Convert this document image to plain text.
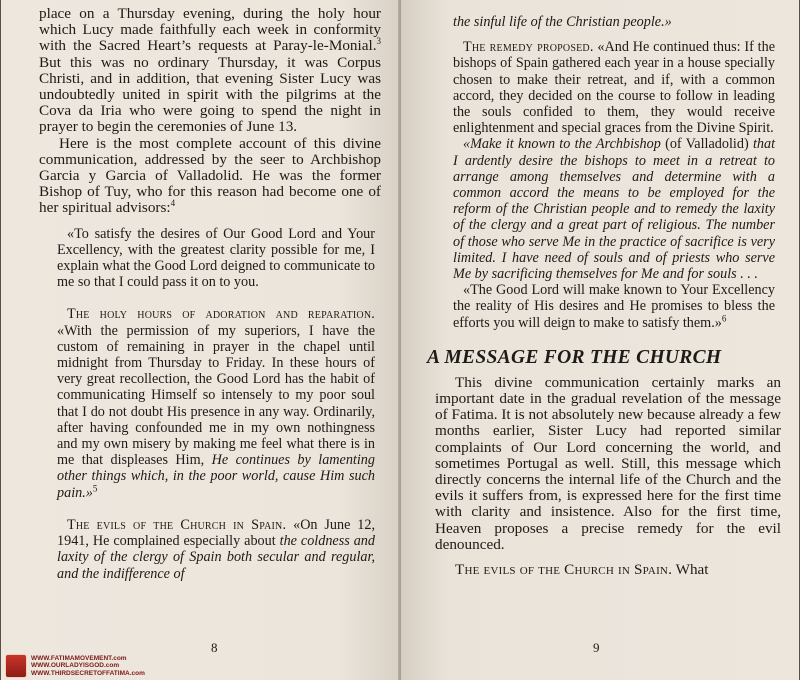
place on a Thursday evening, during the holy hour which Lucy made faithfully each week in conformity with the Sacred Heart’s requests at Paray-le-Monial.$^3$ But this was no ordinary Thursday, it was Corpus Christi, and in addition, that evening Sister Lucy was undoubtedly united in spirit with the pilgrims at the Cova da Iria who were going to spend the night in prayer to begin the ceremonies of June 13.

Here is the most complete account of this divine communication, addressed by the seer to Archbishop Garcia y Garcia of Valladolid. He was the former Bishop of Tuy, who for this reason had become one of her spiritual advisors:$^4$

«To satisfy the desires of Our Good Lord and Your Excellency, with the greatest clarity possible for me, I explain what the Good Lord deigned to communicate to me so that I could pass it on to you.

The holy hours of adoration and reparation. «With the permission of my superiors, I have the custom of remaining in prayer in the chapel until midnight from Thursday to Friday. In these hours of very great recollection, the Good Lord has the habit of communicating Himself so intensely to my poor soul that I do not doubt His presence in any way. Ordinarily, after having confounded me in my own nothingness and my own misery by making me feel what there is in me that displeases Him, He continues by lamenting other things which, in the poor world, cause Him such pain.»$^5$

The evils of the Church in Spain. «On June 12, 1941, He complained especially about the coldness and laxity of the clergy of Spain both secular and regular, and the indifference of

8
WWW.FATIMAMOVEMENT.com
WWW.OURLADYISGOD.com
WWW.THIRDSECRETOFFATIMA.com

the sinful life of the Christian people.»

The remedy proposed. «And He continued thus: If the bishops of Spain gathered each year in a house specially chosen to make their retreat, and if, with a common accord, they decided on the course to follow in leading the souls confided to them, they would receive enlightenment and special graces from the Divine Spirit.

«Make it known to the Archbishop (of Valladolid) that I ardently desire the bishops to meet in a retreat to arrange among themselves and determine with a common accord the means to be employed for the reform of the Christian people and to remedy the laxity of the clergy and a great part of religious. The number of those who serve Me in the practice of sacrifice is very limited. I have need of souls and of priests who serve Me by sacrificing themselves for Me and for souls . . .

«The Good Lord will make known to Your Excellency the reality of His desires and He promises to bless the efforts you will deign to make to satisfy them.»$^6$

A MESSAGE FOR THE CHURCH

This divine communication certainly marks an important date in the gradual revelation of the message of Fatima. It is not absolutely new because already a few months earlier, Sister Lucy had reported similar complaints of Our Lord concerning the world, and sometimes Portugal as well. Still, this message which directly concerns the internal life of the Church and the evils it suffers from, is expressed here for the first time with clarity and insistence. Also for the first time, Heaven proposes a precise remedy for the evil denounced.

The evils of the Church in Spain. What

9
